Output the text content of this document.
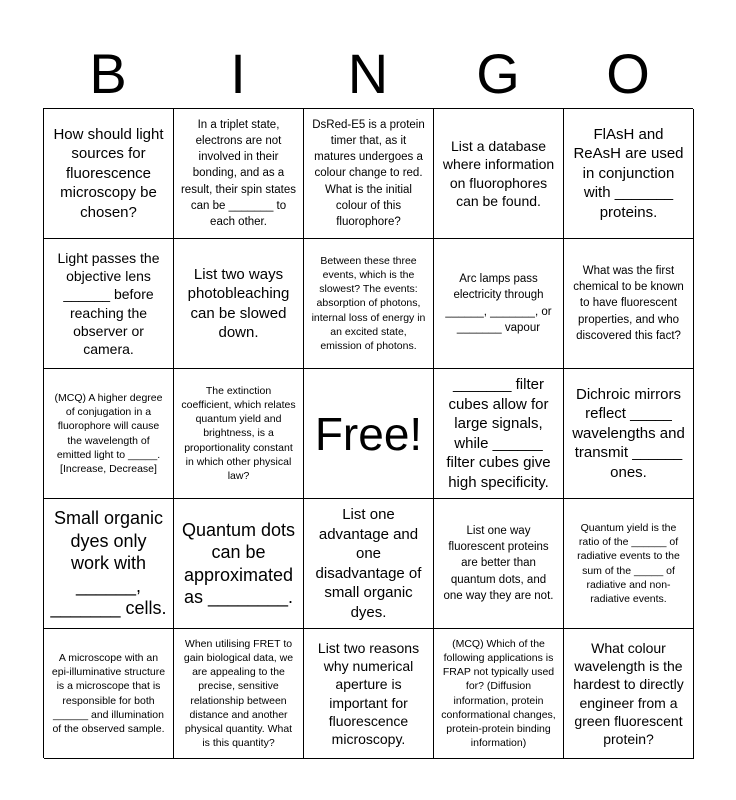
B	I	N	G	O
How should light sources for fluorescence microscopy be chosen?
In a triplet state, electrons are not involved in their bonding, and as a result, their spin states can be _______ to each other.
DsRed-E5 is a protein timer that, as it matures undergoes a colour change to red. What is the initial colour of this fluorophore?
List a database where information on fluorophores can be found.
FlAsH and ReAsH are used in conjunction with _______ proteins.
Light passes the objective lens ______ before reaching the observer or camera.
List two ways photobleaching can be slowed down.
Between these three events, which is the slowest? The events: absorption of photons, internal loss of energy in an excited state, emission of photons.
Arc lamps pass electricity through ______, _______, or _______ vapour
What was the first chemical to be known to have fluorescent properties, and who discovered this fact?
(MCQ) A higher degree of conjugation in a fluorophore will cause the wavelength of emitted light to _____. [Increase, Decrease]
The extinction coefficient, which relates quantum yield and brightness, is a proportionality constant in which other physical law?
Free!
_______ filter cubes allow for large signals, while ______ filter cubes give high specificity.
Dichroic mirrors reflect _____ wavelengths and transmit ______ ones.
Small organic dyes only work with ______, _______ cells.
Quantum dots can be approximated as ________.
List one advantage and one disadvantage of small organic dyes.
List one way fluorescent proteins are better than quantum dots, and one way they are not.
Quantum yield is the ratio of the ______ of radiative events to the sum of the _____ of radiative and non-radiative events.
A microscope with an epi-illuminative structure is a microscope that is responsible for both ______ and illumination of the observed sample.
When utilising FRET to gain biological data, we are appealing to the precise, sensitive relationship between distance and another physical quantity. What is this quantity?
List two reasons why numerical aperture is important for fluorescence microscopy.
(MCQ) Which of the following applications is FRAP not typically used for? (Diffusion information, protein conformational changes, protein-protein binding information)
What colour wavelength is the hardest to directly engineer from a green fluorescent protein?
